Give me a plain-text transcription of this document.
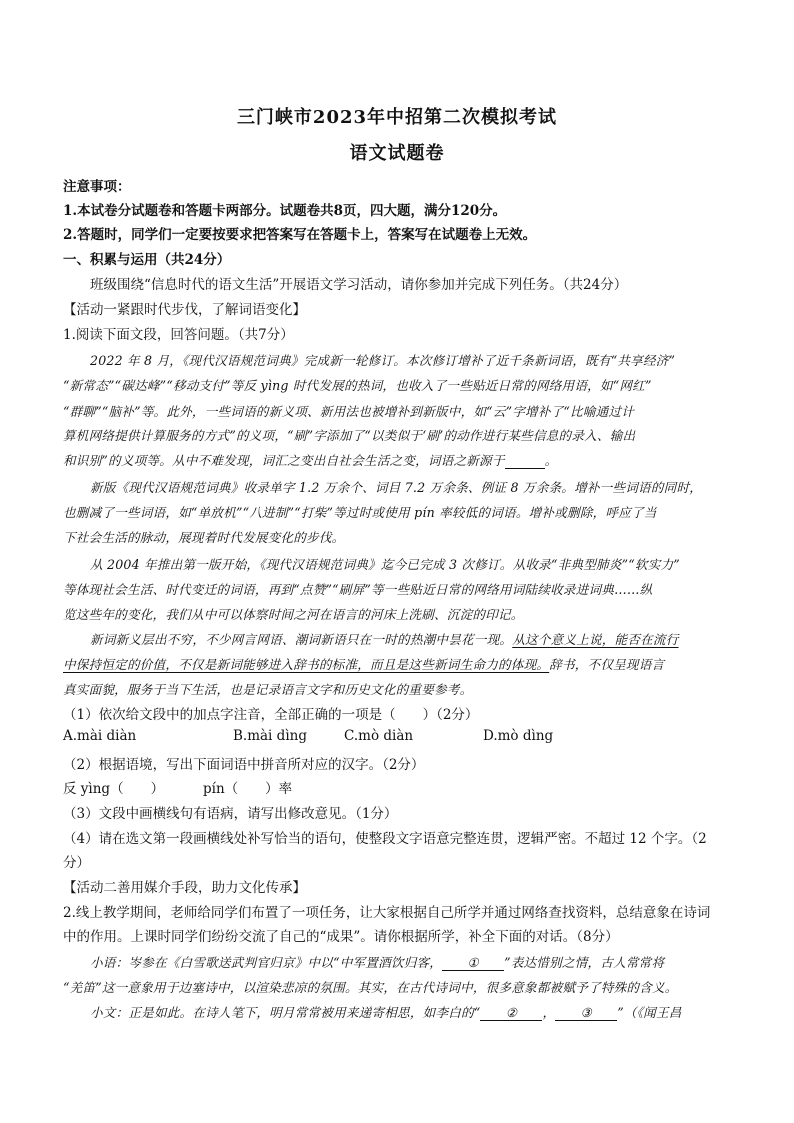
三门峡市2023年中招第二次模拟考试
语文试题卷
注意事项：
1.本试卷分试题卷和答题卡两部分。试题卷共8页，四大题，满分120分。
2.答题时，同学们一定要按要求把答案写在答题卡上，答案写在试题卷上无效。
一、积累与运用（共24分）
班级围绕“信息时代的语文生活”开展语文学习活动，请你参加并完成下列任务。（共24分）
【活动一紧跟时代步伐，了解词语变化】
1.阅读下面文段，回答问题。（共7分）
2022 年 8 月，《现代汉语规范词典》完成新一轮修订。本次修订增补了近千条新词语，既有“共享经济”
“新常态”“碳达峰”“移动支付”等反 yìng 时代发展的热词，也收入了一些贴近日常的网络用语，如“网红”
“群聊”“脑补”等。此外，一些词语的新义项、新用法也被增补到新版中，如“云”字增补了“比喻通过计
算机网络提供计算服务的方式”的义项，“刷”字添加了“以类似于‘刷’的动作进行某些信息的录入、输出
和识别”的义项等。从中不难发现，词汇之变出自社会生活之变，词语之新源于	。
新版《现代汉语规范词典》收录单字 1.2 万余个、词目 7.2 万余条、例证 8 万余条。增补一些词语的同时，
也删减了一些词语，如“单放机”“八进制”“打柴”等过时或使用 pín 率较低的词语。增补或删除，呼应了当
下社会生活的脉动，展现着时代发展变化的步伐。
从 2004 年推出第一版开始，《现代汉语规范词典》迄今已完成 3 次修订。从收录“非典型肺炎”“软实力”
等体现社会生活、时代变迁的词语，再到“点赞”“刷屏”等一些贴近日常的网络用词陆续收录进词典……纵
览这些年的变化，我们从中可以体察时间之河在语言的河床上洗刷、沉淀的印记。
新词新义层出不穷，不少网言网语、潮词新语只在一时的热潮中昙花一现。从这个意义上说，能否在流行
中保持恒定的价值，不仅是新词能够进入辞书的标准，而且是这些新词生命力的体现。辞书，不仅呈现语言
真实面貌，服务于当下生活，也是记录语言文字和历史文化的重要参考。
（1）依次给文段中的加点字注音，全部正确的一项是（　　）（2分）
A.mài diàn	B.mài dìng	C.mò diàn	D.mò dìng
（2）根据语境，写出下面词语中拼音所对应的汉字。（2分）
反 yìng（　　）	pín（　　）率
（3）文段中画横线句有语病，请写出修改意见。（1分）
（4）请在选文第一段画横线处补写恰当的语句，使整段文字语意完整连贯，逻辑严密。不超过 12 个字。（2
分）
【活动二善用媒介手段，助力文化传承】
2.线上教学期间，老师给同学们布置了一项任务，让大家根据自己所学并通过网络查找资料，总结意象在诗词
中的作用。上课时同学们纷纷交流了自己的“成果”。请你根据所学，补全下面的对话。（8分）
小语：岑参在《白雪歌送武判官归京》中以“中军置酒饮归客， ① ”表达惜别之情，古人常常将
“羌笛”这一意象用于边塞诗中，以渲染悲凉的氛围。其实，在古代诗词中，很多意象都被赋予了特殊的含义。
小文：正是如此。在诗人笔下，明月常常被用来递寄相思，如李白的“ ② ， ③ ”（《闻王昌
